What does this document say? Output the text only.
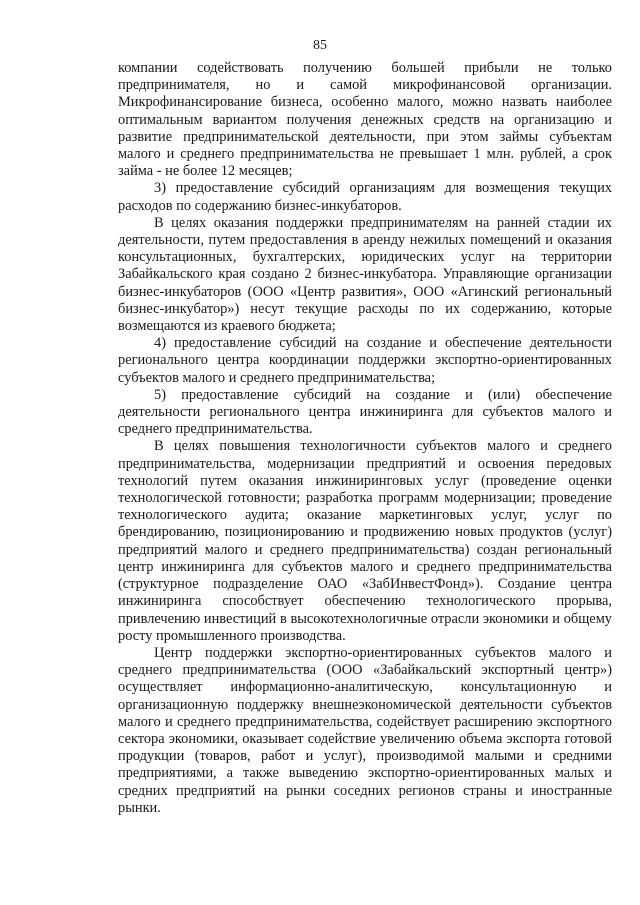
85

компании содействовать получению большей прибыли не только предпринимателя, но и самой микрофинансовой организации. Микрофинансирование бизнеса, особенно малого, можно назвать наиболее оптимальным вариантом получения денежных средств на организацию и развитие предпринимательской деятельности, при этом займы субъектам малого и среднего предпринимательства не превышает 1 млн. рублей, а срок займа - не более 12 месяцев;

3) предоставление субсидий организациям для возмещения текущих расходов по содержанию бизнес-инкубаторов.

В целях оказания поддержки предпринимателям на ранней стадии их деятельности, путем предоставления в аренду нежилых помещений и оказания консультационных, бухгалтерских, юридических услуг на территории Забайкальского края создано 2 бизнес-инкубатора. Управляющие организации бизнес-инкубаторов (ООО «Центр развития», ООО «Агинский региональный бизнес-инкубатор») несут текущие расходы по их содержанию, которые возмещаются из краевого бюджета;

4) предоставление субсидий на создание и обеспечение деятельности регионального центра координации поддержки экспортно-ориентированных субъектов малого и среднего предпринимательства;

5) предоставление субсидий на создание и (или) обеспечение деятельности регионального центра инжиниринга для субъектов малого и среднего предпринимательства.

В целях повышения технологичности субъектов малого и среднего предпринимательства, модернизации предприятий и освоения передовых технологий путем оказания инжиниринговых услуг (проведение оценки технологической готовности; разработка программ модернизации; проведение технологического аудита; оказание маркетинговых услуг, услуг по брендированию, позиционированию и продвижению новых продуктов (услуг) предприятий малого и среднего предпринимательства) создан региональный центр инжиниринга для субъектов малого и среднего предпринимательства (структурное подразделение ОАО «ЗабИнвестФонд»). Создание центра инжиниринга способствует обеспечению технологического прорыва, привлечению инвестиций в высокотехнологичные отрасли экономики и общему росту промышленного производства.

Центр поддержки экспортно-ориентированных субъектов малого и среднего предпринимательства (ООО «Забайкальский экспортный центр») осуществляет информационно-аналитическую, консультационную и организационную поддержку внешнеэкономической деятельности субъектов малого и среднего предпринимательства, содействует расширению экспортного сектора экономики, оказывает содействие увеличению объема экспорта готовой продукции (товаров, работ и услуг), производимой малыми и средними предприятиями, а также выведению экспортно-ориентированных малых и средних предприятий на рынки соседних регионов страны и иностранные рынки.
